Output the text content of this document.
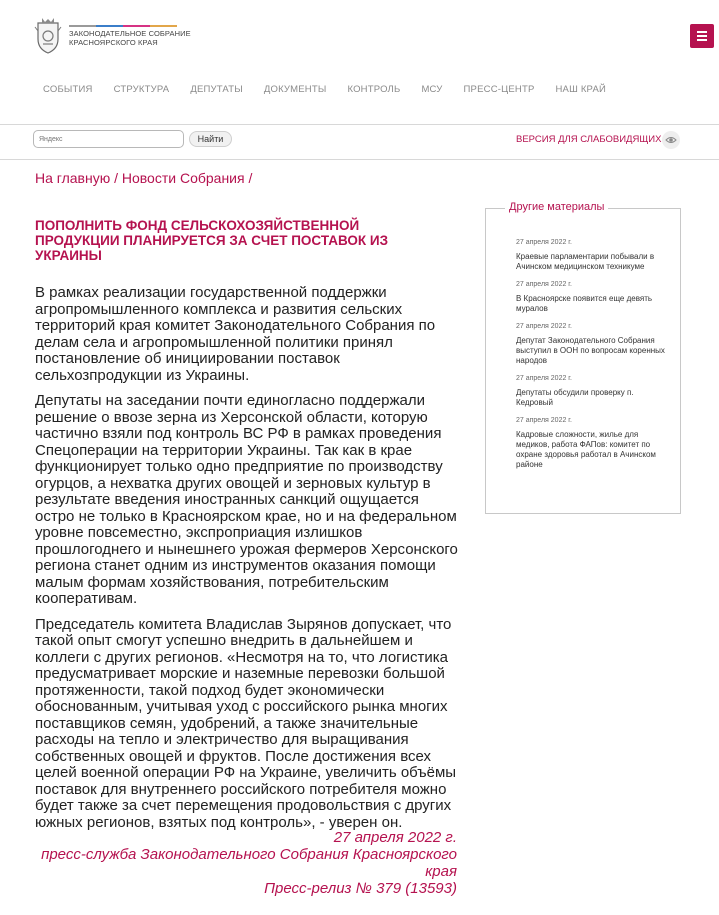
ЗАКОНОДАТЕЛЬНОЕ СОБРАНИЕ
КРАСНОЯРСКОГО КРАЯ
СОБЫТИЯ СТРУКТУРА ДЕПУТАТЫ ДОКУМЕНТЫ КОНТРОЛЬ МСУ ПРЕСС-ЦЕНТР НАШ КРАЙ
Яндекс
Найти	ВЕРСИЯ ДЛЯ СЛАБОВИДЯЩИХ
На главную / Новости Собрания /
ПОПОЛНИТЬ ФОНД СЕЛЬСКОХОЗЯЙСТВЕННОЙ ПРОДУКЦИИ ПЛАНИРУЕТСЯ ЗА СЧЕТ ПОСТАВОК ИЗ УКРАИНЫ

В рамках реализации государственной поддержки агропромышленного комплекса и развития сельских территорий края комитет Законодательного Собрания по делам села и агропромышленной политики принял постановление об инициировании поставок сельхозпродукции из Украины.

Депутаты на заседании почти единогласно поддержали решение о ввозе зерна из Херсонской области, которую частично взяли под контроль ВС РФ в рамках проведения Спецоперации на территории Украины. Так как в крае функционирует только одно предприятие по производству огурцов, а нехватка других овощей и зерновых культур в результате введения иностранных санкций ощущается остро не только в Красноярском крае, но и на федеральном уровне повсеместно, экспроприация излишков прошлогоднего и нынешнего урожая фермеров Херсонского региона станет одним из инструментов оказания помощи малым формам хозяйствования, потребительским кооперативам.

Председатель комитета Владислав Зырянов допускает, что такой опыт смогут успешно внедрить в дальнейшем и коллеги с других регионов. «Несмотря на то, что логистика предусматривает морские и наземные перевозки большой протяженности, такой подход будет экономически обоснованным, учитывая уход с российского рынка многих поставщиков семян, удобрений, а также значительные расходы на тепло и электричество для выращивания собственных овощей и фруктов. После достижения всех целей военной операции РФ на Украине, увеличить объёмы поставок для внутреннего российского потребителя можно будет также за счет перемещения продовольствия с других южных регионов, взятых под контроль», - уверен он.

27 апреля 2022 г.
пресс-служба Законодательного Собрания Красноярского края
Пресс-релиз № 379 (13593)
Другие материалы
27 апреля 2022 г.
Краевые парламентарии побывали в Ачинском медицинском техникуме
27 апреля 2022 г.
В Красноярске появится еще девять муралов
27 апреля 2022 г.
Депутат Законодательного Собрания выступил в ООН по вопросам коренных народов
27 апреля 2022 г.
Депутаты обсудили проверку п. Кедровый
27 апреля 2022 г.
Кадровые сложности, жилье для медиков, работа ФАПов: комитет по охране здоровья работал в Ачинском районе
